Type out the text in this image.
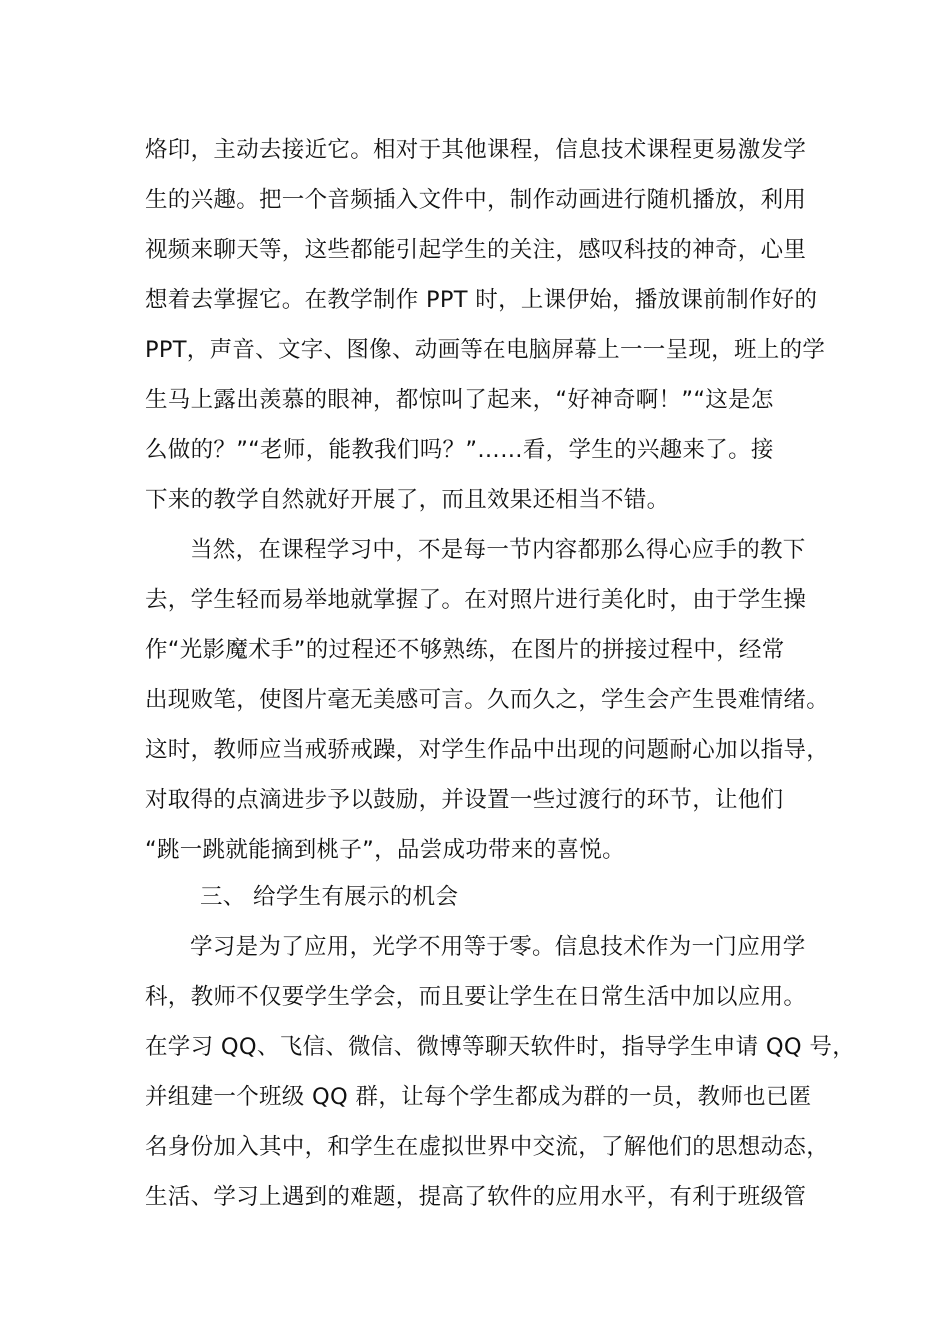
烙印，主动去接近它。相对于其他课程，信息技术课程更易激发学
生的兴趣。把一个音频插入文件中，制作动画进行随机播放，利用
视频来聊天等，这些都能引起学生的关注，感叹科技的神奇，心里
想着去掌握它。在教学制作 PPT 时，上课伊始，播放课前制作好的
PPT，声音、文字、图像、动画等在电脑屏幕上一一呈现，班上的学
生马上露出羡慕的眼神，都惊叫了起来，“好神奇啊！”“这是怎
么做的？”“老师，能教我们吗？”……看，学生的兴趣来了。接
下来的教学自然就好开展了，而且效果还相当不错。
当然，在课程学习中，不是每一节内容都那么得心应手的教下
去，学生轻而易举地就掌握了。在对照片进行美化时，由于学生操
作“光影魔术手”的过程还不够熟练，在图片的拼接过程中，经常
出现败笔，使图片毫无美感可言。久而久之，学生会产生畏难情绪。
这时，教师应当戒骄戒躁，对学生作品中出现的问题耐心加以指导，
对取得的点滴进步予以鼓励，并设置一些过渡行的环节，让他们
“跳一跳就能摘到桃子”，品尝成功带来的喜悦。
三、 给学生有展示的机会
学习是为了应用，光学不用等于零。信息技术作为一门应用学
科，教师不仅要学生学会，而且要让学生在日常生活中加以应用。
在学习 QQ、飞信、微信、微博等聊天软件时，指导学生申请 QQ 号，
并组建一个班级 QQ 群，让每个学生都成为群的一员，教师也已匿
名身份加入其中，和学生在虚拟世界中交流，了解他们的思想动态，
生活、学习上遇到的难题，提高了软件的应用水平，有利于班级管
